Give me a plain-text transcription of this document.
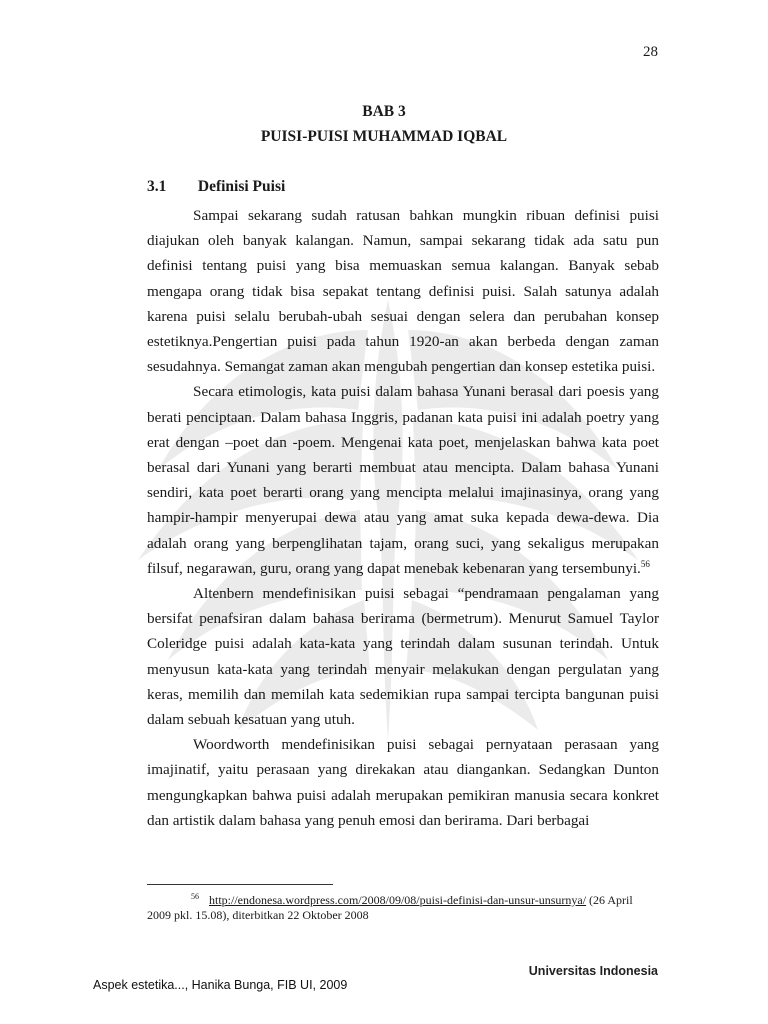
28
BAB 3
PUISI-PUISI MUHAMMAD IQBAL
3.1 Definisi Puisi

Sampai sekarang sudah ratusan bahkan mungkin ribuan definisi puisi diajukan oleh banyak kalangan. Namun, sampai sekarang tidak ada satu pun definisi tentang puisi yang bisa memuaskan semua kalangan. Banyak sebab mengapa orang tidak bisa sepakat tentang definisi puisi. Salah satunya adalah karena puisi selalu berubah-ubah sesuai dengan selera dan perubahan konsep estetiknya.Pengertian puisi pada tahun 1920-an akan berbeda dengan zaman sesudahnya. Semangat zaman akan mengubah pengertian dan konsep estetika puisi.

Secara etimologis, kata puisi dalam bahasa Yunani berasal dari poesis yang berati penciptaan. Dalam bahasa Inggris, padanan kata puisi ini adalah poetry yang erat dengan –poet dan -poem. Mengenai kata poet, menjelaskan bahwa kata poet berasal dari Yunani yang berarti membuat atau mencipta. Dalam bahasa Yunani sendiri, kata poet berarti orang yang mencipta melalui imajinasinya, orang yang hampir-hampir menyerupai dewa atau yang amat suka kepada dewa-dewa. Dia adalah orang yang berpenglihatan tajam, orang suci, yang sekaligus merupakan filsuf, negarawan, guru, orang yang dapat menebak kebenaran yang tersembunyi.$^{56}$

Altenbern mendefinisikan puisi sebagai “pendramaan pengalaman yang bersifat penafsiran dalam bahasa berirama (bermetrum). Menurut Samuel Taylor Coleridge puisi adalah kata-kata yang terindah dalam susunan terindah. Untuk menyusun kata-kata yang terindah menyair melakukan dengan pergulatan yang keras, memilih dan memilah kata sedemikian rupa sampai tercipta bangunan puisi dalam sebuah kesatuan yang utuh.

Woordworth mendefinisikan puisi sebagai pernyataan perasaan yang imajinatif, yaitu perasaan yang direkakan atau diangankan. Sedangkan Dunton mengungkapkan bahwa puisi adalah merupakan pemikiran manusia secara konkret dan artistik dalam bahasa yang penuh emosi dan berirama. Dari berbagai

$^{56}$ http://endonesa.wordpress.com/2008/09/08/puisi-definisi-dan-unsur-unsurnya/ (26 April 2009 pkl. 15.08), diterbitkan 22 Oktober 2008
Universitas Indonesia
Aspek estetika..., Hanika Bunga, FIB UI, 2009
